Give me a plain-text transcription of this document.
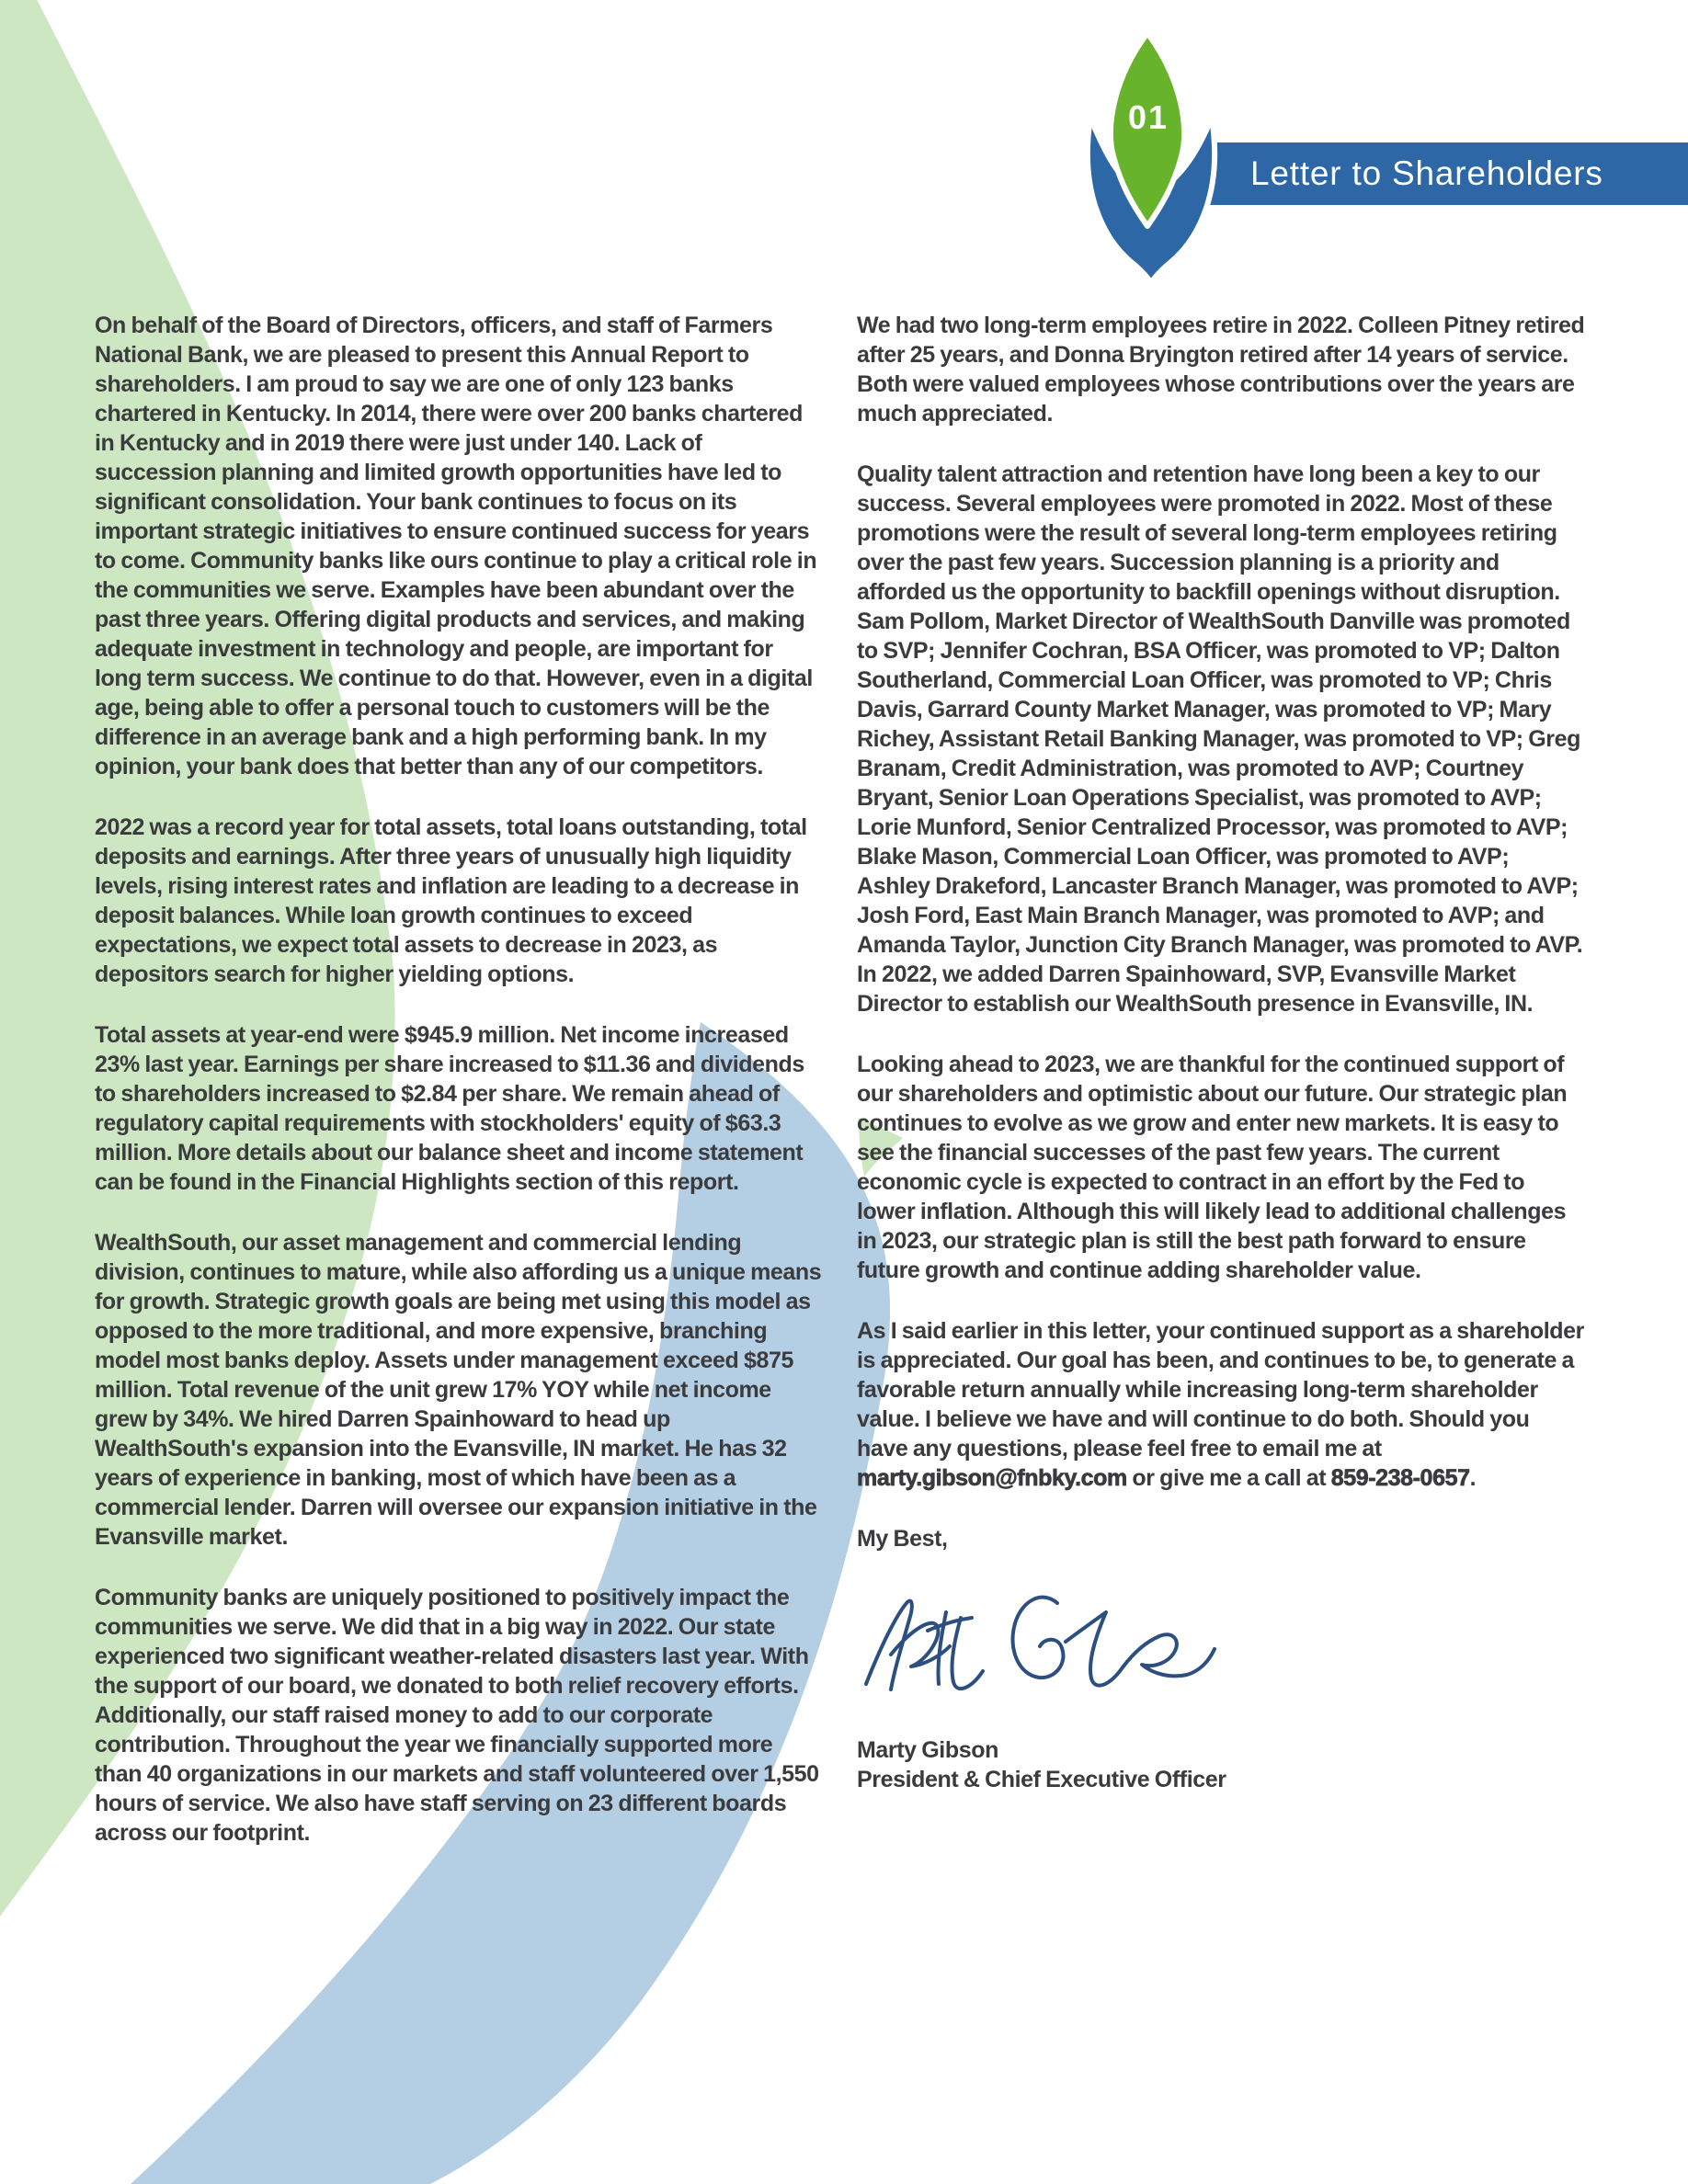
01
Letter to Shareholders

On behalf of the Board of Directors, officers, and staff of Farmers National Bank, we are pleased to present this Annual Report to shareholders. I am proud to say we are one of only 123 banks chartered in Kentucky. In 2014, there were over 200 banks chartered in Kentucky and in 2019 there were just under 140. Lack of succession planning and limited growth opportunities have led to significant consolidation. Your bank continues to focus on its important strategic initiatives to ensure continued success for years to come. Community banks like ours continue to play a critical role in the communities we serve. Examples have been abundant over the past three years. Offering digital products and services, and making adequate investment in technology and people, are important for long term success. We continue to do that. However, even in a digital age, being able to offer a personal touch to customers will be the difference in an average bank and a high performing bank. In my opinion, your bank does that better than any of our competitors.

2022 was a record year for total assets, total loans outstanding, total deposits and earnings. After three years of unusually high liquidity levels, rising interest rates and inflation are leading to a decrease in deposit balances. While loan growth continues to exceed expectations, we expect total assets to decrease in 2023, as depositors search for higher yielding options.

Total assets at year-end were $945.9 million. Net income increased 23% last year. Earnings per share increased to $11.36 and dividends to shareholders increased to $2.84 per share. We remain ahead of regulatory capital requirements with stockholders' equity of $63.3 million. More details about our balance sheet and income statement can be found in the Financial Highlights section of this report.

WealthSouth, our asset management and commercial lending division, continues to mature, while also affording us a unique means for growth. Strategic growth goals are being met using this model as opposed to the more traditional, and more expensive, branching model most banks deploy. Assets under management exceed $875 million. Total revenue of the unit grew 17% YOY while net income grew by 34%. We hired Darren Spainhoward to head up WealthSouth's expansion into the Evansville, IN market. He has 32 years of experience in banking, most of which have been as a commercial lender. Darren will oversee our expansion initiative in the Evansville market.

Community banks are uniquely positioned to positively impact the communities we serve. We did that in a big way in 2022. Our state experienced two significant weather-related disasters last year. With the support of our board, we donated to both relief recovery efforts. Additionally, our staff raised money to add to our corporate contribution. Throughout the year we financially supported more than 40 organizations in our markets and staff volunteered over 1,550 hours of service. We also have staff serving on 23 different boards across our footprint.

We had two long-term employees retire in 2022. Colleen Pitney retired after 25 years, and Donna Bryington retired after 14 years of service. Both were valued employees whose contributions over the years are much appreciated.

Quality talent attraction and retention have long been a key to our success. Several employees were promoted in 2022. Most of these promotions were the result of several long-term employees retiring over the past few years. Succession planning is a priority and afforded us the opportunity to backfill openings without disruption. Sam Pollom, Market Director of WealthSouth Danville was promoted to SVP; Jennifer Cochran, BSA Officer, was promoted to VP; Dalton Southerland, Commercial Loan Officer, was promoted to VP; Chris Davis, Garrard County Market Manager, was promoted to VP; Mary Richey, Assistant Retail Banking Manager, was promoted to VP; Greg Branam, Credit Administration, was promoted to AVP; Courtney Bryant, Senior Loan Operations Specialist, was promoted to AVP; Lorie Munford, Senior Centralized Processor, was promoted to AVP; Blake Mason, Commercial Loan Officer, was promoted to AVP; Ashley Drakeford, Lancaster Branch Manager, was promoted to AVP; Josh Ford, East Main Branch Manager, was promoted to AVP; and Amanda Taylor, Junction City Branch Manager, was promoted to AVP. In 2022, we added Darren Spainhoward, SVP, Evansville Market Director to establish our WealthSouth presence in Evansville, IN.

Looking ahead to 2023, we are thankful for the continued support of our shareholders and optimistic about our future. Our strategic plan continues to evolve as we grow and enter new markets. It is easy to see the financial successes of the past few years. The current economic cycle is expected to contract in an effort by the Fed to lower inflation. Although this will likely lead to additional challenges in 2023, our strategic plan is still the best path forward to ensure future growth and continue adding shareholder value.

As I said earlier in this letter, your continued support as a shareholder is appreciated. Our goal has been, and continues to be, to generate a favorable return annually while increasing long-term shareholder value. I believe we have and will continue to do both. Should you have any questions, please feel free to email me at marty.gibson@fnbky.com or give me a call at 859-238-0657.

My Best,

Marty Gibson

President & Chief Executive Officer
